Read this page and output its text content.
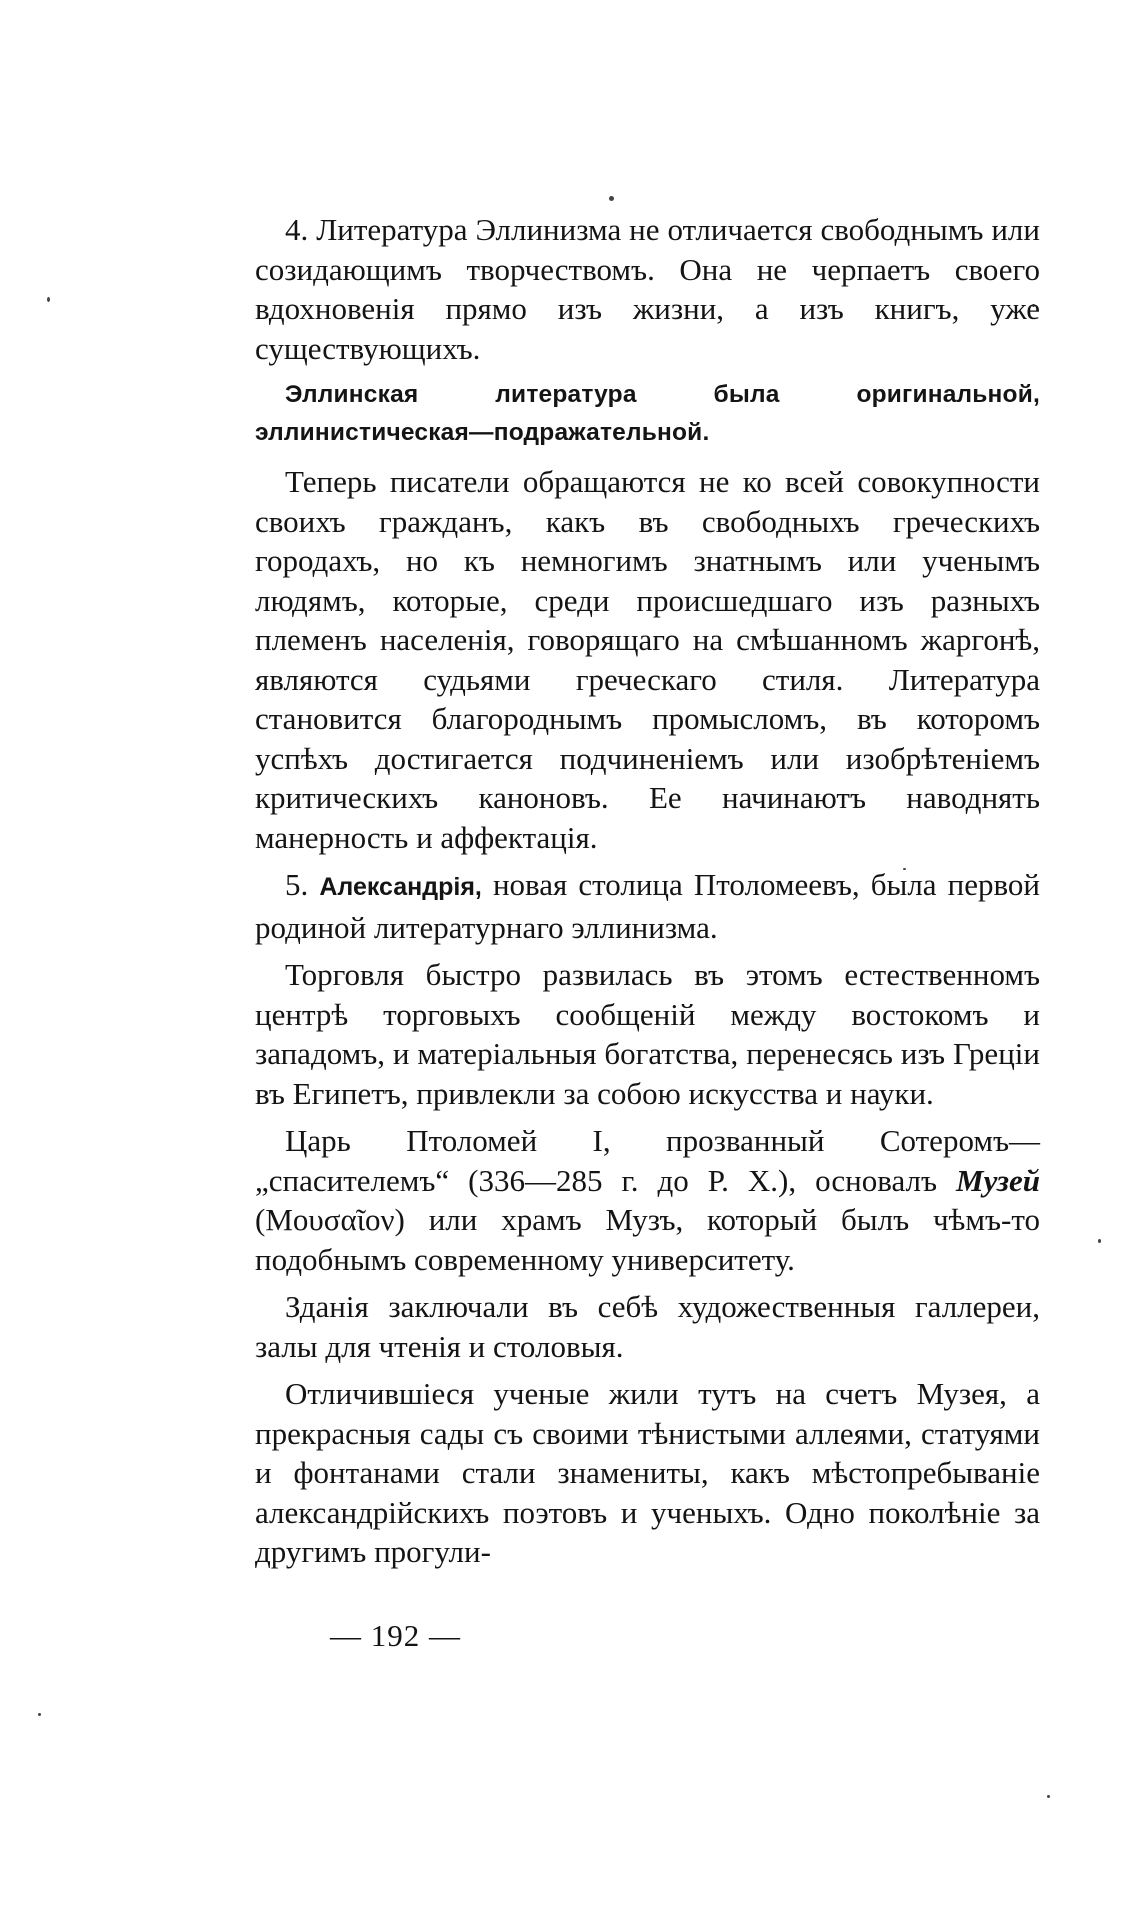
4. Литература Эллинизма не отличается свободнымъ или созидающимъ творчествомъ. Она не черпаетъ своего вдохновенія прямо изъ жизни, а изъ книгъ, уже существующихъ.

Эллинская литература была оригинальной, эллинистическая—подражательной.

Теперь писатели обращаются не ко всей совокупности своихъ гражданъ, какъ въ свободныхъ греческихъ городахъ, но къ немногимъ знатнымъ или ученымъ людямъ, которые, среди происшедшаго изъ разныхъ племенъ населенія, говорящаго на смѣшанномъ жаргонѣ, являются судьями греческаго стиля. Литература становится благороднымъ промысломъ, въ которомъ успѣхъ достигается подчиненіемъ или изобрѣтеніемъ критическихъ каноновъ. Ее начинаютъ наводнять манерность и аффектація.

5. Александрія, новая столица Птоломеевъ, была первой родиной литературнаго эллинизма.

Торговля быстро развилась въ этомъ естественномъ центрѣ торговыхъ сообщеній между востокомъ и западомъ, и матеріальныя богатства, перенесясь изъ Греціи въ Египетъ, привлекли за собою искусства и науки.

Царь Птоломей I, прозванный Сотеромъ—„спасителемъ“ (336—285 г. до Р. Х.), основалъ Музей (Μουσαῖον) или храмъ Музъ, который былъ чѣмъ-то подобнымъ современному университету.

Зданія заключали въ себѣ художественныя галлереи, залы для чтенія и столовыя.

Отличившіеся ученые жили тутъ на счетъ Музея, а прекрасныя сады съ своими тѣнистыми аллеями, статуями и фонтанами стали знамениты, какъ мѣстопребываніе александрійскихъ поэтовъ и ученыхъ. Одно поколѣніе за другимъ прогули-

— 192 —
